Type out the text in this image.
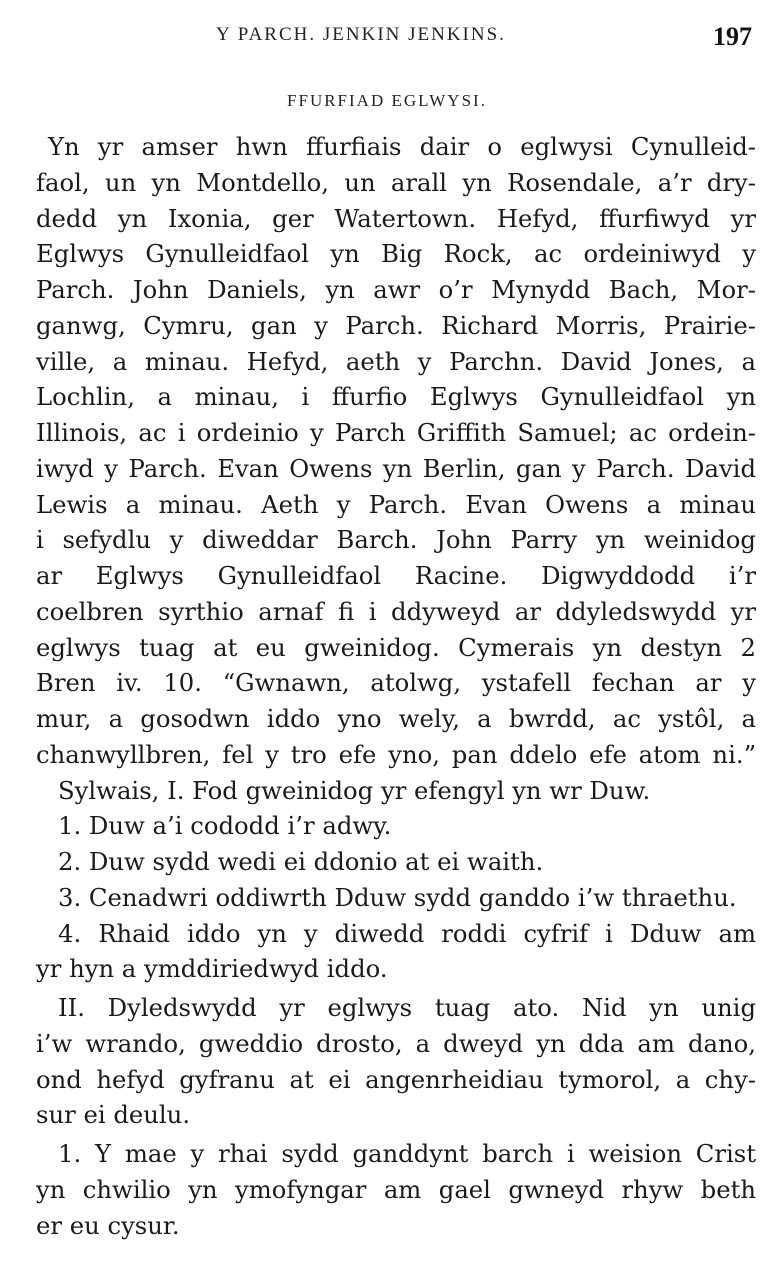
Y PARCH. JENKIN JENKINS.	197
FFURFIAD EGLWYSI.
Yn yr amser hwn ffurfiais dair o eglwysi Cynulleid-
faol, un yn Montdello, un arall yn Rosendale, a’r dry-
dedd yn Ixonia, ger Watertown. Hefyd, ffurfiwyd yr
Eglwys Gynulleidfaol yn Big Rock, ac ordeiniwyd y
Parch. John Daniels, yn awr o’r Mynydd Bach, Mor-
ganwg, Cymru, gan y Parch. Richard Morris, Prairie-
ville, a minau. Hefyd, aeth y Parchn. David Jones, a
Lochlin, a minau, i ffurfio Eglwys Gynulleidfaol yn
Illinois, ac i ordeinio y Parch Griffith Samuel; ac ordein-
iwyd y Parch. Evan Owens yn Berlin, gan y Parch. David
Lewis a minau. Aeth y Parch. Evan Owens a minau
i sefydlu y diweddar Barch. John Parry yn weinidog
ar Eglwys Gynulleidfaol Racine. Digwyddodd i’r
coelbren syrthio arnaf fi i ddyweyd ar ddyledswydd yr
eglwys tuag at eu gweinidog. Cymerais yn destyn 2
Bren iv. 10. “Gwnawn, atolwg, ystafell fechan ar y
mur, a gosodwn iddo yno wely, a bwrdd, ac ystôl, a
chanwyllbren, fel y tro efe yno, pan ddelo efe atom ni.”
Sylwais, I. Fod gweinidog yr efengyl yn wr Duw.
1. Duw a’i cododd i’r adwy.
2. Duw sydd wedi ei ddonio at ei waith.
3. Cenadwri oddiwrth Dduw sydd ganddo i’w thraethu.
4. Rhaid iddo yn y diwedd roddi cyfrif i Dduw am
yr hyn a ymddiriedwyd iddo.
II. Dyledswydd yr eglwys tuag ato. Nid yn unig
i’w wrando, gweddio drosto, a dweyd yn dda am dano,
ond hefyd gyfranu at ei angenrheidiau tymorol, a chy-
sur ei deulu.
1. Y mae y rhai sydd ganddynt barch i weision Crist
yn chwilio yn ymofyngar am gael gwneyd rhyw beth
er eu cysur.
